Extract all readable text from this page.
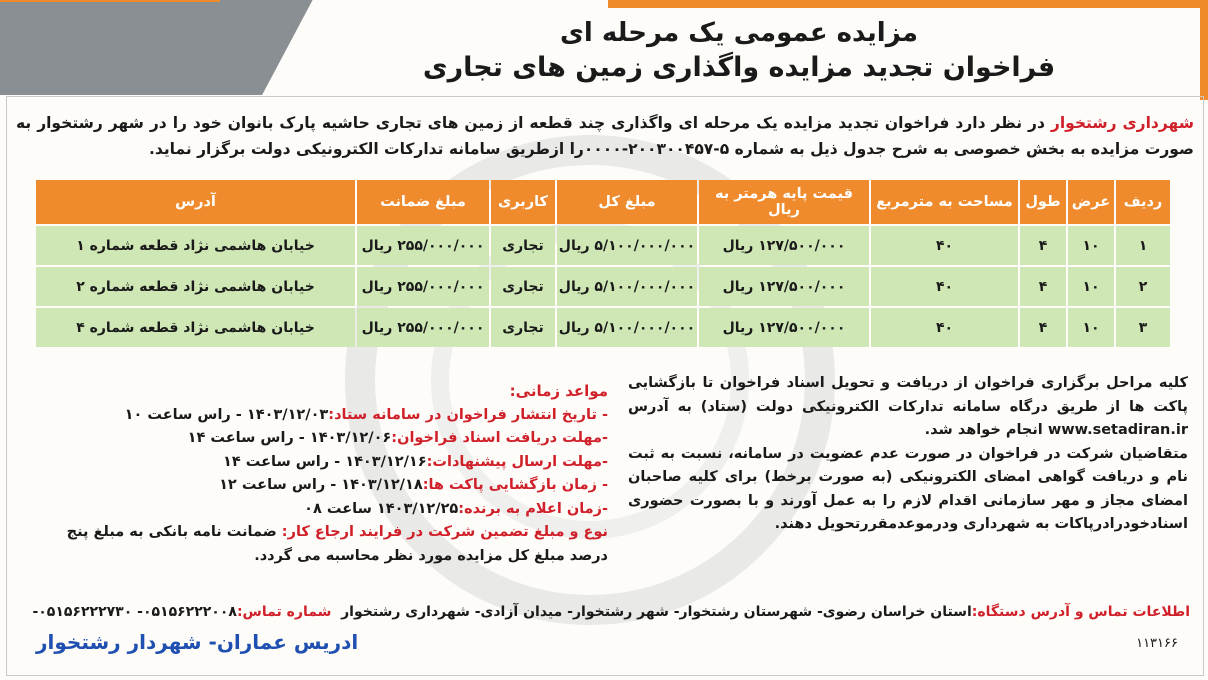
مزایده عمومی یک مرحله ای
فراخوان تجدید مزایده واگذاری زمین های تجاری
شهرداری رشتخوار در نظر دارد فراخوان تجدید مزایده یک مرحله ای واگذاری چند قطعه از زمین های تجاری حاشیه پارک بانوان خود را در شهر رشتخوار به صورت مزایده به بخش خصوصی به شرح جدول ذیل به شماره ۵-۲۰۰۳۰۰۴۵۷-۰۰۰۰را ازطریق سامانه تدارکات الکترونیکی دولت برگزار نماید.
ردیف	عرض	طول	مساحت به مترمربع	قیمت پایه هرمتر به ریال	مبلغ کل	کاربری	مبلغ ضمانت	آدرس
۱	۱۰	۴	۴۰	۱۲۷/۵۰۰/۰۰۰ ریال	۵/۱۰۰/۰۰۰/۰۰۰ ریال	تجاری	۲۵۵/۰۰۰/۰۰۰ ریال	خیابان هاشمی نژاد قطعه شماره ۱
۲	۱۰	۴	۴۰	۱۲۷/۵۰۰/۰۰۰ ریال	۵/۱۰۰/۰۰۰/۰۰۰ ریال	تجاری	۲۵۵/۰۰۰/۰۰۰ ریال	خیابان هاشمی نژاد قطعه شماره ۲
۳	۱۰	۴	۴۰	۱۲۷/۵۰۰/۰۰۰ ریال	۵/۱۰۰/۰۰۰/۰۰۰ ریال	تجاری	۲۵۵/۰۰۰/۰۰۰ ریال	خیابان هاشمی نژاد قطعه شماره ۴
کلیه مراحل برگزاری فراخوان از دریافت و تحویل اسناد فراخوان تا بازگشایی پاکت ها از طریق درگاه سامانه تدارکات الکترونیکی دولت (ستاد) به آدرس www.setadiran.ir انجام خواهد شد.
متقاضیان شرکت در فراخوان در صورت عدم عضویت در سامانه، نسبت به ثبت نام و دریافت گواهی امضای الکترونیکی (به صورت برخط) برای کلیه صاحبان امضای مجاز و مهر سازمانی اقدام لازم را به عمل آورند و با بصورت حضوری اسنادخودرادرپاکات به شهرداری ودرموعدمقررتحویل دهند.
مواعد زمانی:
- تاریخ انتشار فراخوان در سامانه ستاد:۱۴۰۳/۱۲/۰۳ - راس ساعت ۱۰
-مهلت دریافت اسناد فراخوان:۱۴۰۳/۱۲/۰۶ - راس ساعت ۱۴
-مهلت ارسال پیشنهادات:۱۴۰۳/۱۲/۱۶ - راس ساعت ۱۴
- زمان بازگشایی پاکت ها:۱۴۰۳/۱۲/۱۸ - راس ساعت ۱۲
-زمان اعلام به برنده:۱۴۰۳/۱۲/۲۵ ساعت ۰۸
نوع و مبلغ تضمین شرکت در فرایند ارجاع کار: ضمانت نامه بانکی به مبلغ پنج درصد مبلغ کل مزایده مورد نظر محاسبه می گردد.
اطلاعات تماس و آدرس دستگاه:استان خراسان رضوی- شهرستان رشتخوار- شهر رشتخوار- میدان آزادی- شهرداری رشتخوار  شماره تماس:۰۵۱۵۶۲۲۲۰۰۸- ۰۵۱۵۶۲۲۲۷۳۰-
ادریس عماران- شهردار رشتخوار	۱۱۳۱۶۶
